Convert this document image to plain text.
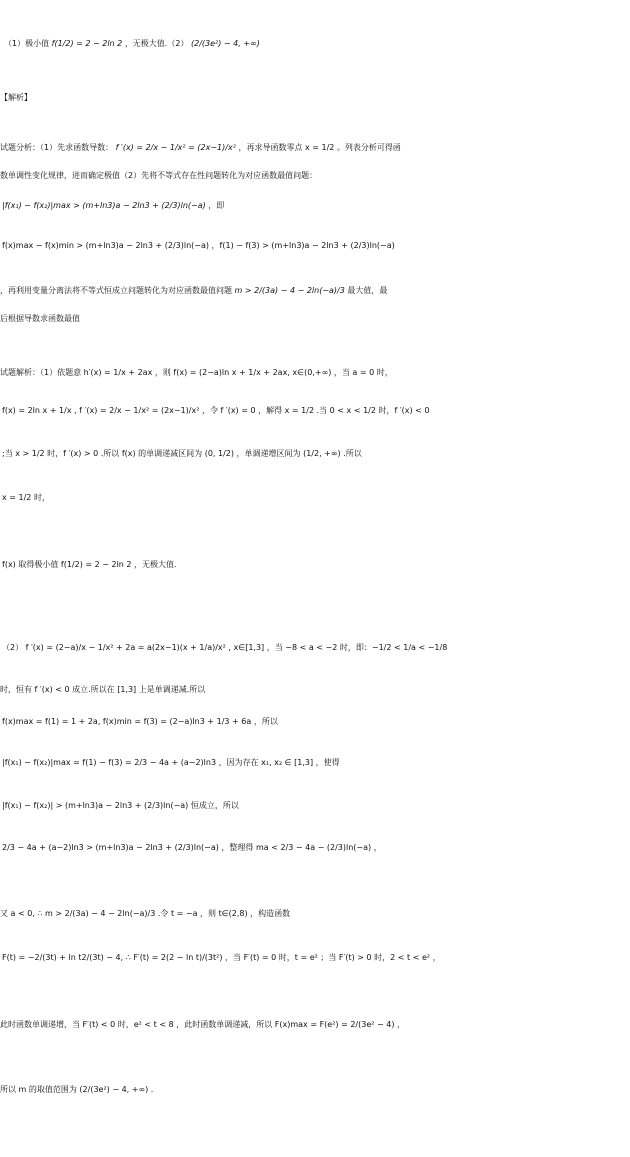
（1）极小值 f(1/2) = 2 − 2ln 2 ，无极大值.（2） (2/(3e²) − 4, +∞)
【解析】
试题分析：（1）先求函数导数： f ′(x) = 2/x − 1/x² = (2x−1)/x² ，再求导函数零点 x = 1/2 。列表分析可得函
数单调性变化规律，进而确定极值（2）先将不等式存在性问题转化为对应函数最值问题：
|f(x₁) − f(x₂)|max > (m+ln3)a − 2ln3 + (2/3)ln(−a) ，即
f(x)max − f(x)min > (m+ln3)a − 2ln3 + (2/3)ln(−a) ，f(1) − f(3) > (m+ln3)a − 2ln3 + (2/3)ln(−a)
，再利用变量分离法将不等式恒成立问题转化为对应函数最值问题 m > 2/(3a) − 4 − 2ln(−a)/3 最大值，最
后根据导数求函数最值
试题解析：（1）依题意 h′(x) = 1/x + 2ax ，则 f(x) = (2−a)ln x + 1/x + 2ax, x∈(0,+∞) ，当 a = 0 时，
f(x) = 2ln x + 1/x , f ′(x) = 2/x − 1/x² = (2x−1)/x² ，令 f ′(x) = 0 ，解得 x = 1/2 .当 0 < x < 1/2 时，f ′(x) < 0
;当 x > 1/2 时，f ′(x) > 0 .所以 f(x) 的单调递减区间为 (0, 1/2) ，单调递增区间为 (1/2, +∞) .所以
x = 1/2 时，
f(x) 取得极小值 f(1/2) = 2 − 2ln 2 ，无极大值.
（2） f ′(x) = (2−a)/x − 1/x² + 2a = a(2x−1)(x + 1/a)/x² , x∈[1,3] ，当 −8 < a < −2 时，即：−1/2 < 1/a < −1/8
时，恒有 f ′(x) < 0 成立.所以在 [1,3] 上是单调递减.所以
f(x)max = f(1) = 1 + 2a, f(x)min = f(3) = (2−a)ln3 + 1/3 + 6a ，所以
|f(x₁) − f(x₂)|max = f(1) − f(3) = 2/3 − 4a + (a−2)ln3 ，因为存在 x₁, x₂ ∈ [1,3] ，使得
|f(x₁) − f(x₂)| > (m+ln3)a − 2ln3 + (2/3)ln(−a) 恒成立，所以
2/3 − 4a + (a−2)ln3 > (m+ln3)a − 2ln3 + (2/3)ln(−a) ，整理得 ma < 2/3 − 4a − (2/3)ln(−a) ，
又 a < 0, ∴ m > 2/(3a) − 4 − 2ln(−a)/3 .令 t = −a ，则 t∈(2,8) ，构造函数
F(t) = −2/(3t) + ln t2/(3t) − 4, ∴ F′(t) = 2(2 − ln t)/(3t²) ，当 F′(t) = 0 时，t = e² ；当 F′(t) > 0 时，2 < t < e² ，
此时函数单调递增，当 F′(t) < 0 时，e² < t < 8 ，此时函数单调递减，所以 F(x)max = F(e²) = 2/(3e² − 4) ，
所以 m 的取值范围为 (2/(3e²) − 4, +∞) .
